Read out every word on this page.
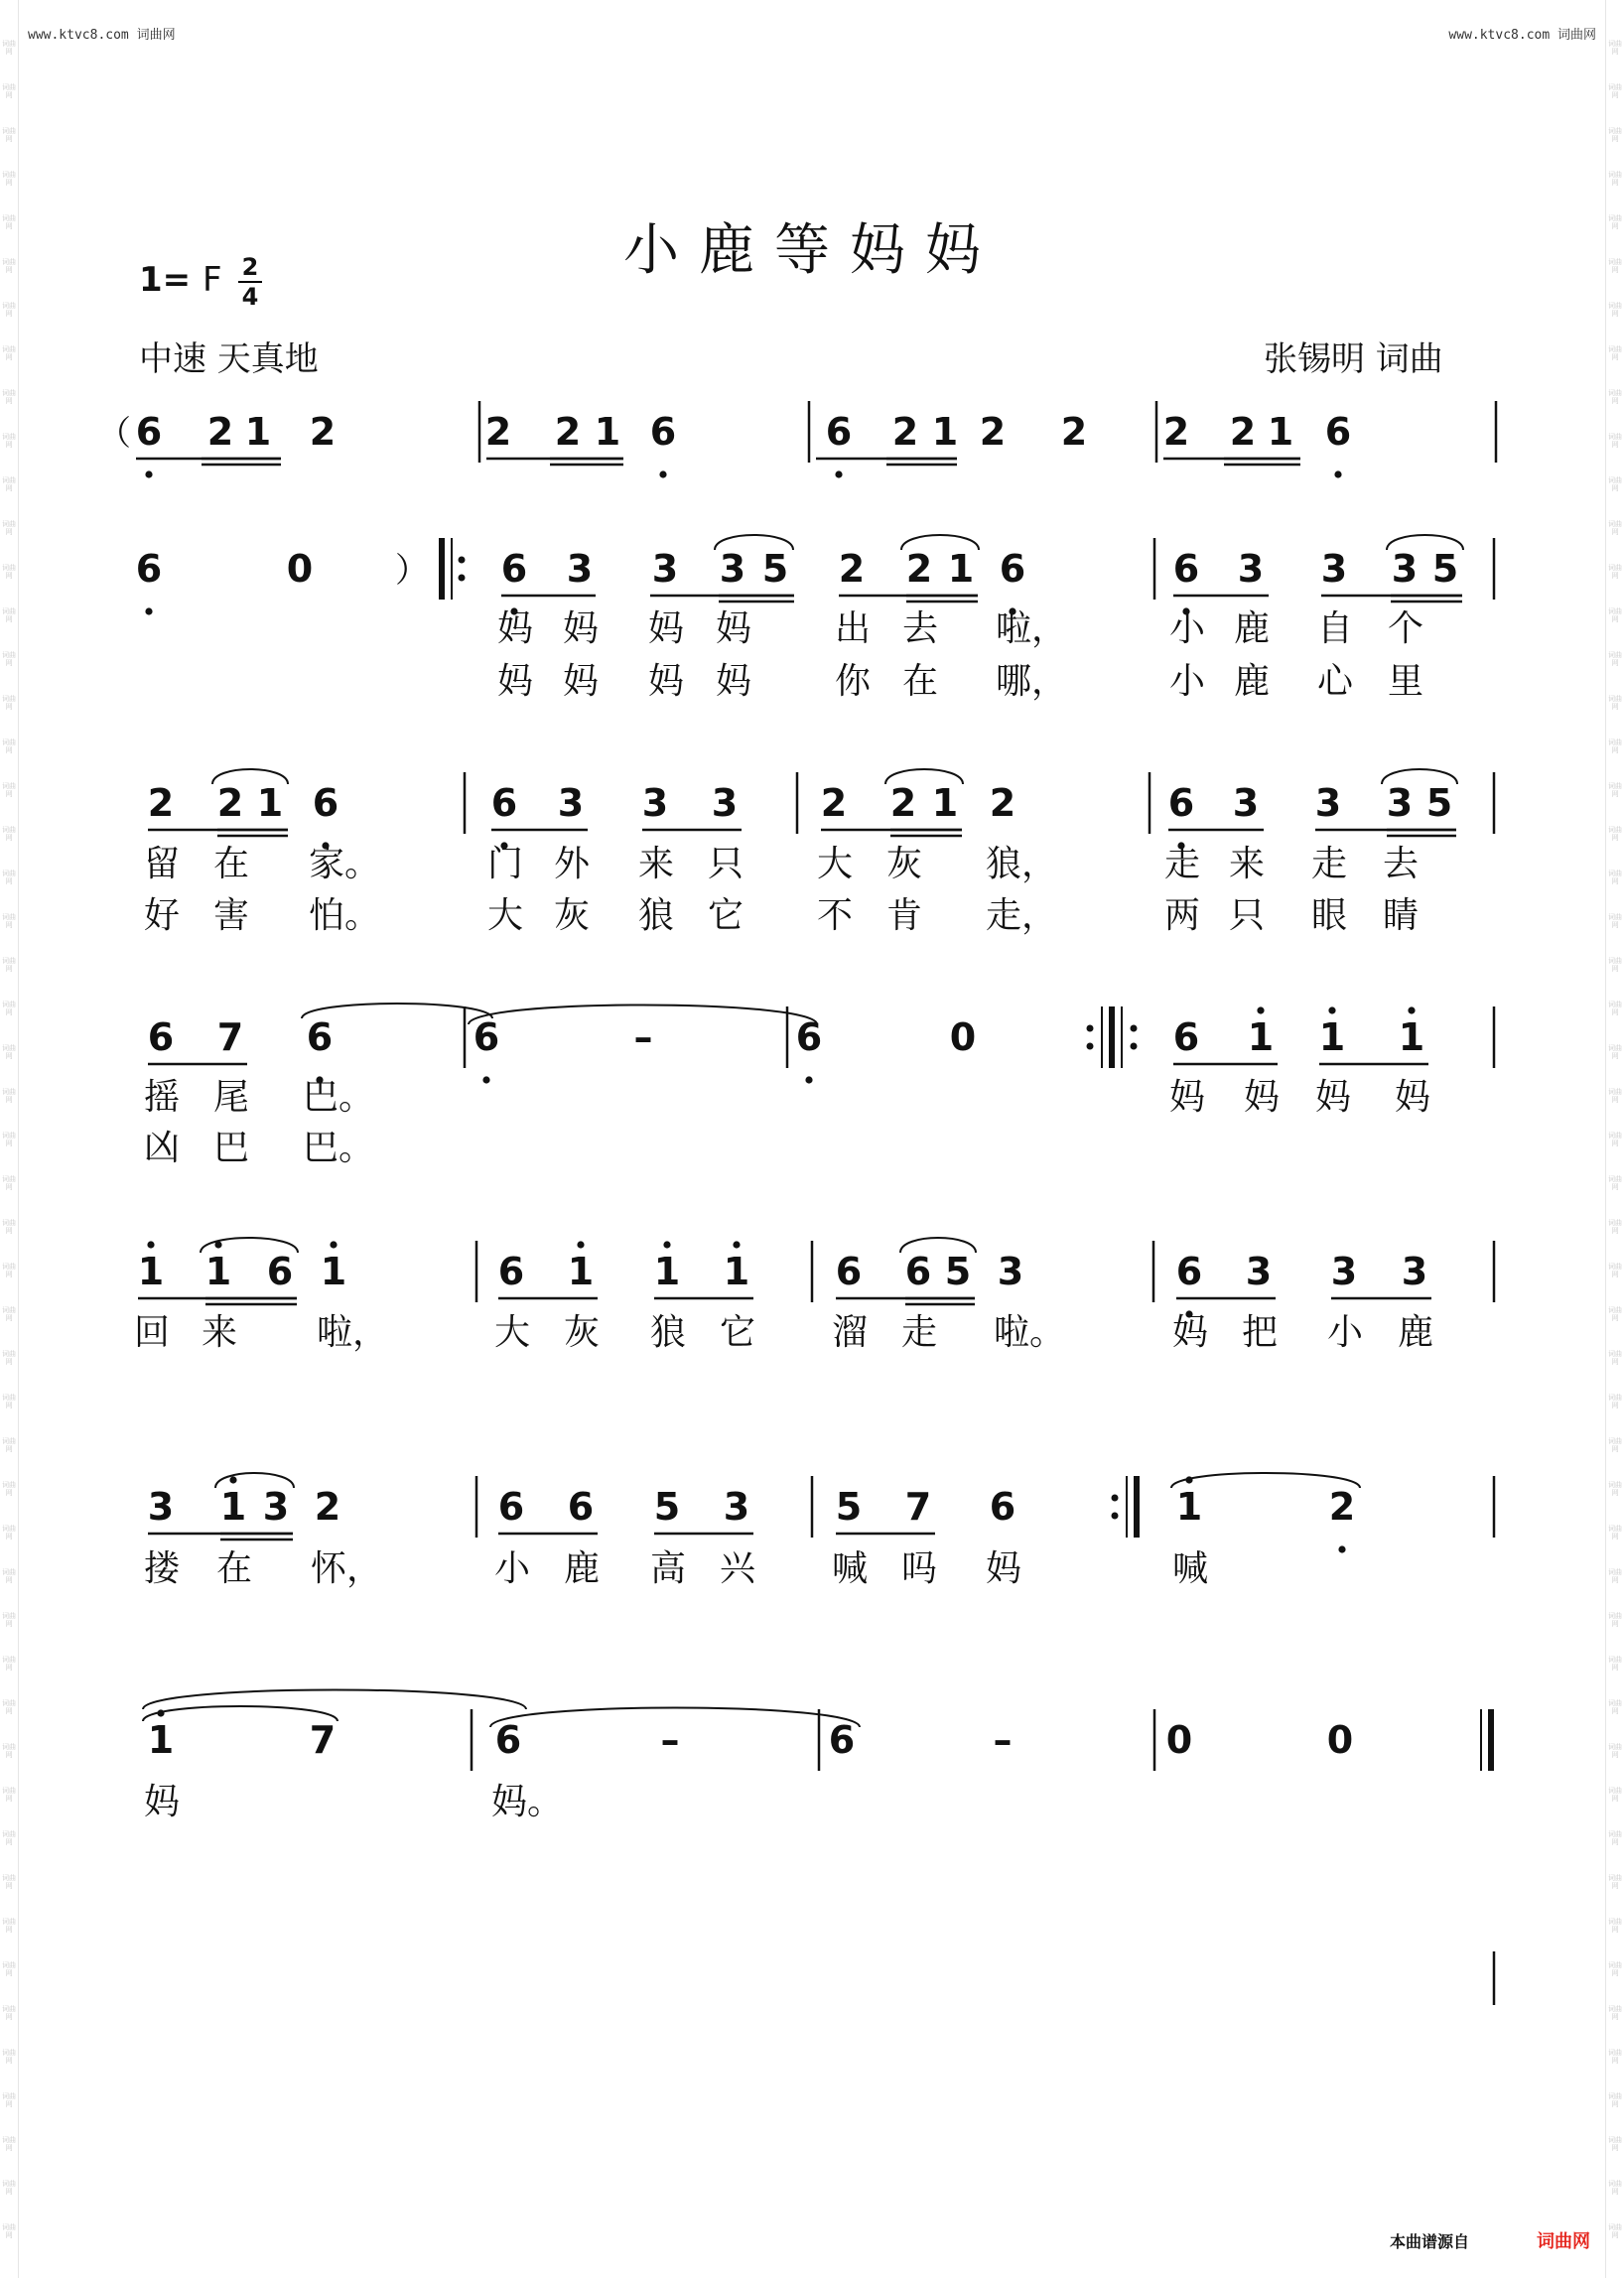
词曲网
词曲网
词曲网
词曲网
词曲网
词曲网
词曲网
词曲网
词曲网
词曲网
词曲网
词曲网
词曲网
词曲网
词曲网
词曲网
词曲网
词曲网
词曲网
词曲网
词曲网
词曲网
词曲网
词曲网
词曲网
词曲网
词曲网
词曲网
词曲网
词曲网
词曲网
词曲网
词曲网
词曲网
词曲网
词曲网
词曲网
词曲网
词曲网
词曲网
词曲网
词曲网
词曲网
词曲网
词曲网
词曲网
词曲网
词曲网
词曲网
词曲网
词曲网
词曲网
词曲网
词曲网
词曲网
词曲网
词曲网
词曲网
词曲网
词曲网
词曲网
词曲网
词曲网
词曲网
词曲网
词曲网
词曲网
词曲网
词曲网
词曲网
词曲网
词曲网
词曲网
词曲网
词曲网
词曲网
词曲网
词曲网
词曲网
词曲网
词曲网
词曲网
词曲网
词曲网
词曲网
词曲网
词曲网
词曲网
词曲网
词曲网
词曲网
词曲网
词曲网
词曲网
词曲网
词曲网
词曲网
词曲网
词曲网
词曲网
词曲网
词曲网
www.ktvc8.com 词曲网	www.ktvc8.com 词曲网
小鹿等妈妈
1= F 2
4
中速 天真地	张锡明 词曲
（ 6 2 1 2	2 2 1 6	6 2 1 2 2 2 2 1 6
6	0 ） 6 3 3 3 5 2 2 1 6	6 3 3 3 5
妈 妈 妈 妈 出 去 啦，	小 鹿 自 个
妈 妈 妈 妈 你 在 哪，	小 鹿 心 里
2 2 1 6	6 3 3 3 2 2 1 2	6 3 3 3 5
留 在 家。	门 外 来 只 大 灰 狼，	走 来 走 去
好 害 怕。	大 灰 狼 它 不 肯 走，	两 只 眼 睛
6 7 6	6	–	6	0	6 1 1 1
摇 尾 巴。	妈 妈 妈 妈
凶 巴 巴。
1 1 6 1	6 1 1 1 6 6 5 3	6 3 3 3
回 来 啦，	大 灰 狼 它 溜 走 啦。	妈 把 小 鹿
3 1 3 2	6 6 5 3 5 7 6	1	2
搂 在 怀，	小 鹿 高 兴 喊 吗 妈	喊
1	7	6	–	6	–	0	0
妈	妈。
本曲谱源自	词曲网
